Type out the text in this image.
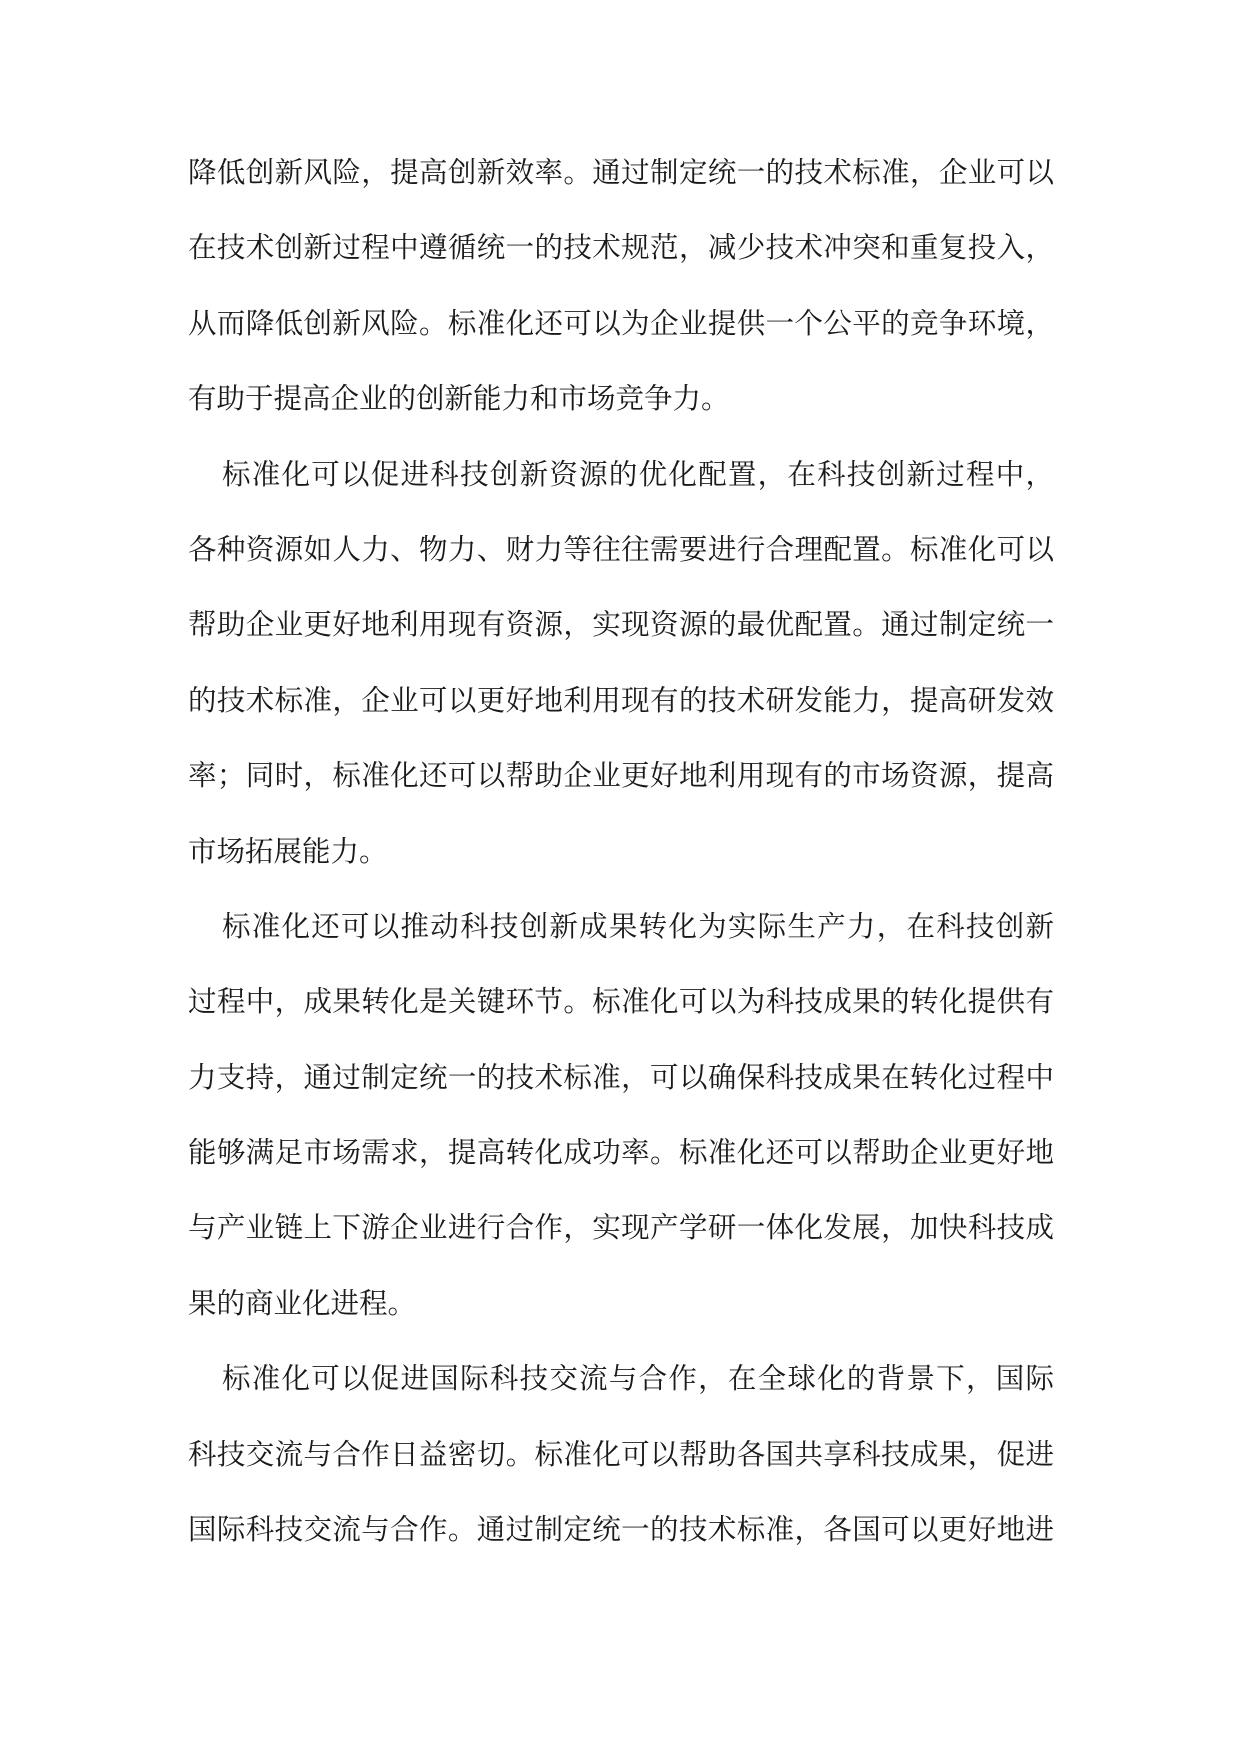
降低创新风险，提高创新效率。通过制定统一的技术标准，企业可以
在技术创新过程中遵循统一的技术规范，减少技术冲突和重复投入，
从而降低创新风险。标准化还可以为企业提供一个公平的竞争环境，
有助于提高企业的创新能力和市场竞争力。
标准化可以促进科技创新资源的优化配置，在科技创新过程中，
各种资源如人力、物力、财力等往往需要进行合理配置。标准化可以
帮助企业更好地利用现有资源，实现资源的最优配置。通过制定统一
的技术标准，企业可以更好地利用现有的技术研发能力，提高研发效
率；同时，标准化还可以帮助企业更好地利用现有的市场资源，提高
市场拓展能力。
标准化还可以推动科技创新成果转化为实际生产力，在科技创新
过程中，成果转化是关键环节。标准化可以为科技成果的转化提供有
力支持，通过制定统一的技术标准，可以确保科技成果在转化过程中
能够满足市场需求，提高转化成功率。标准化还可以帮助企业更好地
与产业链上下游企业进行合作，实现产学研一体化发展，加快科技成
果的商业化进程。
标准化可以促进国际科技交流与合作，在全球化的背景下，国际
科技交流与合作日益密切。标准化可以帮助各国共享科技成果，促进
国际科技交流与合作。通过制定统一的技术标准，各国可以更好地进
